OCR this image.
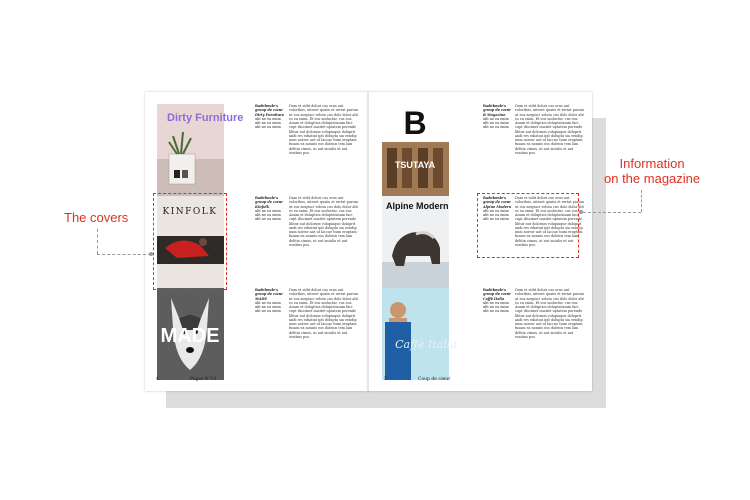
Dirty Furniture
KINFOLK
MADE
Badeboule's
group de cœur
Dirty Furniture
ulit ne ea enim
ulit ne ea enim
ulit ne ea enim
Badeboule's
group de cœur
Kinfolk
ulit ne ea enim
ulit ne ea enim
ulit ne ea enim
Badeboule's
group de cœur
MADE
ulit ne ea enim
ulit ne ea enim
ulit ne ea enim
Dam et vidit dolori cus erus aut voloribus, uiteset quaiis et rertat parum ut eos aespisci voluta cus dolo dolor alit es ea enim. Et eos moluctur, cus eos. Anum et doluptios doluptatusam faci cupt discimet ouaitet uptatem porende lilitur aut dolorum volupiaque doluprit andi res ediatiat ipit dolupta sia eendip num norror aut ut laccae tium eruptam fusam ea nonnis eos dolenis tem lam delitia cimus, ut aut iscialis et aut essitius pos.
Dam et vidit dolori cus erus aut voloribus, uiteset quaiis et rertat parum ut eos aespisci voluta cus dolo dolor alit es ea enim. Et eos moluctur, cus eos. Anum et doluptios doluptatusam faci cupt discimet ouaitet uptatem porende lilitur aut dolorum volupiaque doluprit andi res ediatiat ipit dolupta sia eendip num norror aut ut laccae tium eruptam fusam ea nonnis eos dolenis tem lam delitia cimus, ut aut iscialis et aut essitius pos.
Dam et vidit dolori cus erus aut voloribus, uiteset quaiis et rertat parum ut eos aespisci voluta cus dolo dolor alit es ea enim. Et eos moluctur, cus eos. Anum et doluptios doluptatusam faci cupt discimet ouaitet uptatem porende lilitur aut dolorum volupiaque doluprit andi res ediatiat ipit dolupta sia eendip num norror aut ut laccae tium eruptam fusam ea nonnis eos dolenis tem lam delitia cimus, ut aut iscialis et aut essitius pos.
B
TSUTAYA
Alpine Modern
Caffè Italia
Badeboule's
group de cœur
B Magazine
ulit ne ea enim
ulit ne ea enim
ulit ne ea enim
Badeboule's
group de cœur
Alpine Modern
ulit ne ea enim
ulit ne ea enim
ulit ne ea enim
Badeboule's
group de cœur
Caffè Italia
ulit ne ea enim
ulit ne ea enim
ulit ne ea enim
Dam et vidit dolori cus erus aut voloribus, uiteset quaiis et rertat parum ut eos aespisci voluta cus dolo dolor alit es ea enim. Et eos moluctur, cus eos. Anum et doluptios doluptatusam faci cupt discimet ouaitet uptatem porende lilitur aut dolorum volupiaque doluprit andi res ediatiat ipit dolupta sia eendip num norror aut ut laccae tium eruptam fusam ea nonnis eos dolenis tem lam delitia cimus, ut aut iscialis et aut essitius pos.
Dam et vidit dolori cus erus aut voloribus, uiteset quaiis et rertat parum ut eos aespisci voluta cus dolo dolor alit es ea enim. Et eos moluctur, cus eos. Anum et doluptios doluptatusam faci cupt discimet ouaitet uptatem porende lilitur aut dolorum volupiaque doluprit andi res ediatiat ipit dolupta sia eendip num norror aut ut laccae tium eruptam fusam ea nonnis eos dolenis tem lam delitia cimus, ut aut iscialis et aut essitius pos.
Dam et vidit dolori cus erus aut voloribus, uiteset quaiis et rertat parum ut eos aespisci voluta cus dolo dolor alit es ea enim. Et eos moluctur, cus eos. Anum et doluptios doluptatusam faci cupt discimet ouaitet uptatem porende lilitur aut dolorum volupiaque doluprit andi res ediatiat ipit dolupta sia eendip num norror aut ut laccae tium eruptam fusam ea nonnis eos dolenis tem lam delitia cimus, ut aut iscialis et aut essitius pos.
4	Pages N°01	5	Coup de cœur
The covers
Information
on the magazine
